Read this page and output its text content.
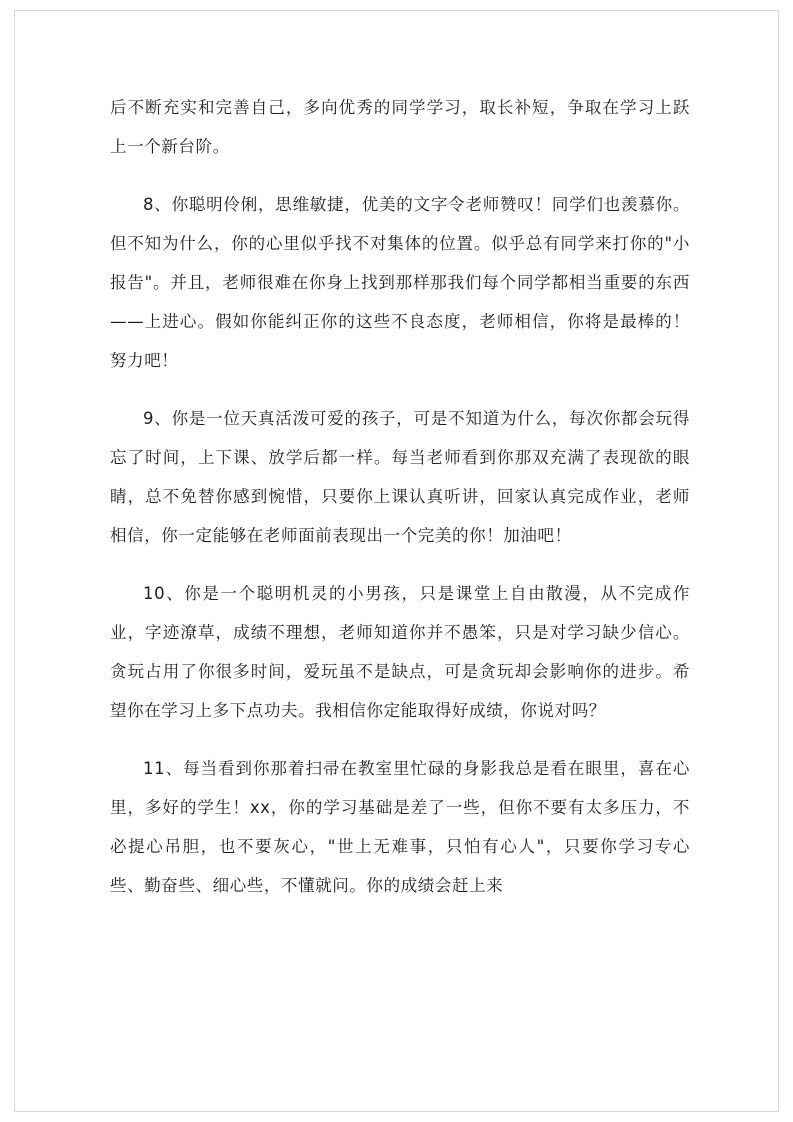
后不断充实和完善自己，多向优秀的同学学习，取长补短，争取在学习上跃上一个新台阶。

8、你聪明伶俐，思维敏捷，优美的文字令老师赞叹！同学们也羡慕你。但不知为什么，你的心里似乎找不对集体的位置。似乎总有同学来打你的"小报告"。并且，老师很难在你身上找到那样那我们每个同学都相当重要的东西——上进心。假如你能纠正你的这些不良态度，老师相信，你将是最棒的！努力吧！

9、你是一位天真活泼可爱的孩子，可是不知道为什么，每次你都会玩得忘了时间，上下课、放学后都一样。每当老师看到你那双充满了表现欲的眼睛，总不免替你感到惋惜，只要你上课认真听讲，回家认真完成作业，老师相信，你一定能够在老师面前表现出一个完美的你！加油吧！

10、你是一个聪明机灵的小男孩，只是课堂上自由散漫，从不完成作业，字迹潦草，成绩不理想，老师知道你并不愚笨，只是对学习缺少信心。贪玩占用了你很多时间，爱玩虽不是缺点，可是贪玩却会影响你的进步。希望你在学习上多下点功夫。我相信你定能取得好成绩，你说对吗？

11、每当看到你那着扫帚在教室里忙碌的身影我总是看在眼里，喜在心里，多好的学生！xx，你的学习基础是差了一些，但你不要有太多压力，不必提心吊胆，也不要灰心，"世上无难事，只怕有心人"，只要你学习专心些、勤奋些、细心些，不懂就问。你的成绩会赶上来
